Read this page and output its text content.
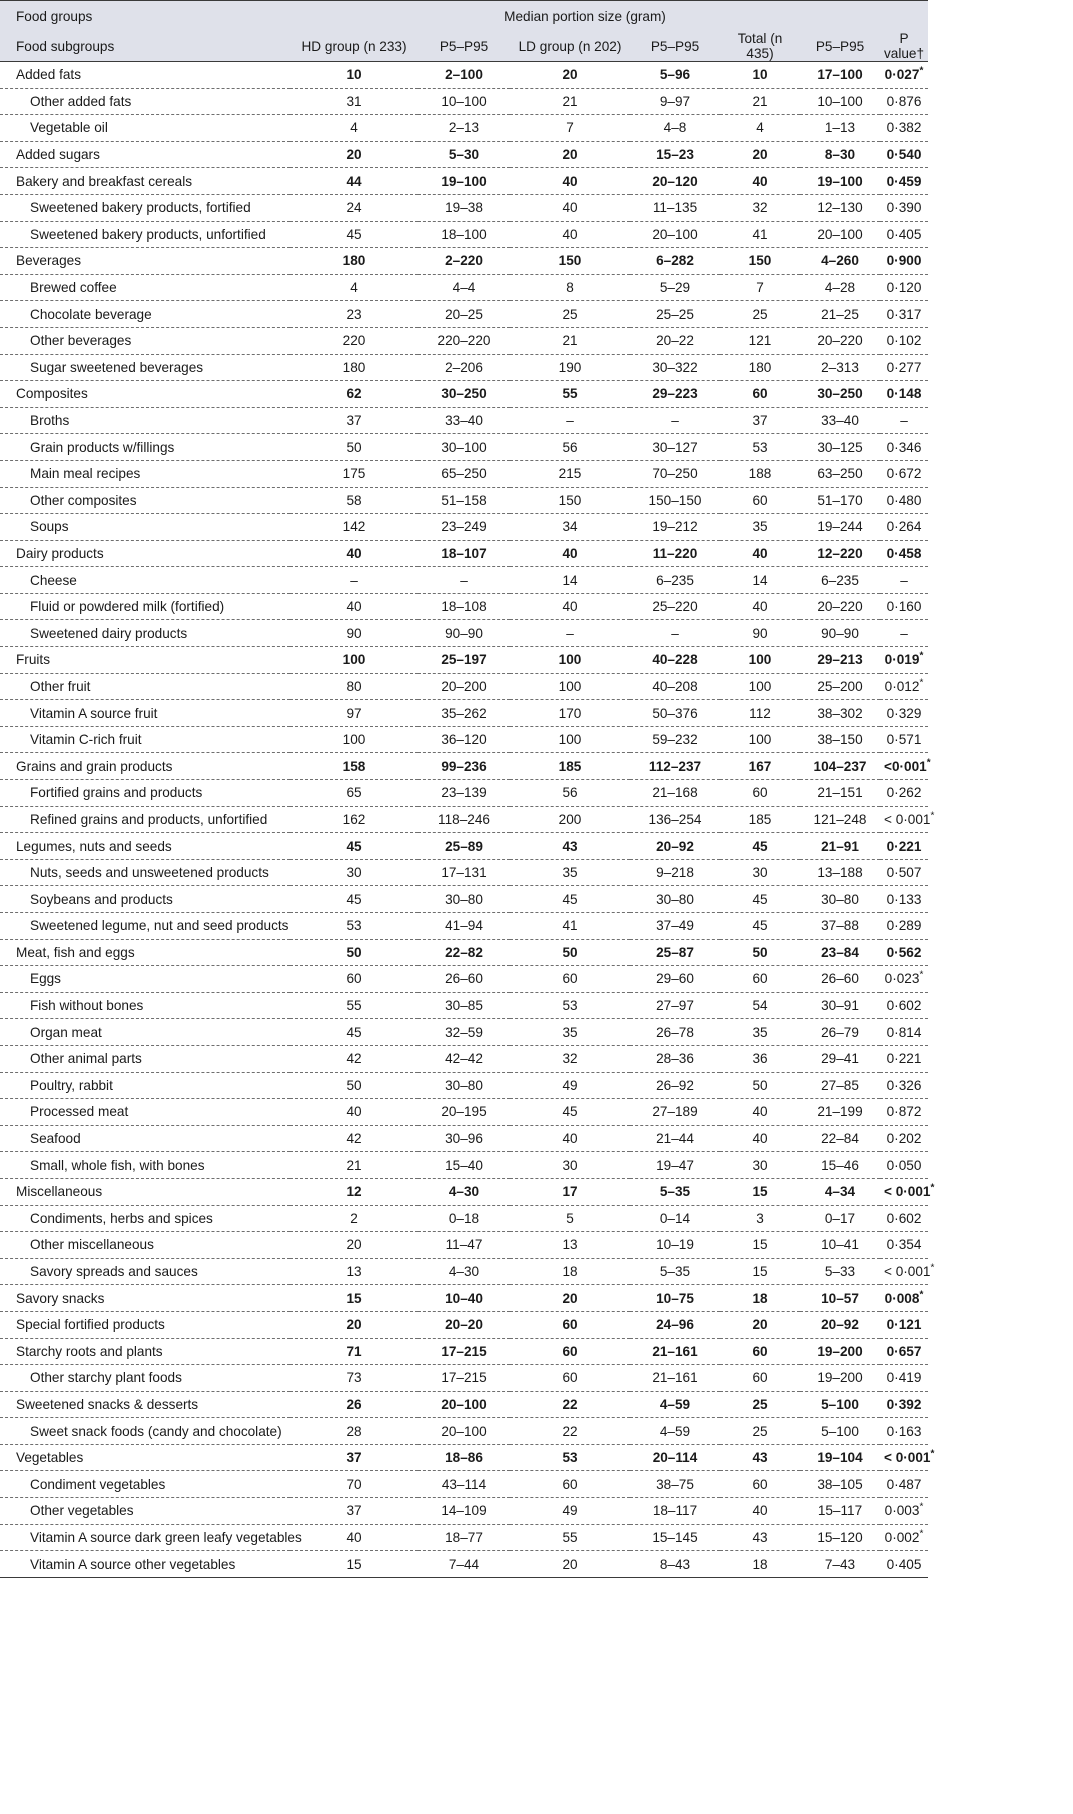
Food groups	Median portion size (gram)						
Food subgroups	HD group (n 233)	P5–P95	LD group (n 202)	P5–P95	Total (n 435)	P5–P95	P value†
Added fats	10	2–100	20	5–96	10	17–100	0·027*
Other added fats	31	10–100	21	9–97	21	10–100	0·876
Vegetable oil	4	2–13	7	4–8	4	1–13	0·382
Added sugars	20	5–30	20	15–23	20	8–30	0·540
Bakery and breakfast cereals	44	19–100	40	20–120	40	19–100	0·459
Sweetened bakery products, fortified	24	19–38	40	11–135	32	12–130	0·390
Sweetened bakery products, unfortified	45	18–100	40	20–100	41	20–100	0·405
Beverages	180	2–220	150	6–282	150	4–260	0·900
Brewed coffee	4	4–4	8	5–29	7	4–28	0·120
Chocolate beverage	23	20–25	25	25–25	25	21–25	0·317
Other beverages	220	220–220	21	20–22	121	20–220	0·102
Sugar sweetened beverages	180	2–206	190	30–322	180	2–313	0·277
Composites	62	30–250	55	29–223	60	30–250	0·148
Broths	37	33–40	–	–	37	33–40	–
Grain products w/fillings	50	30–100	56	30–127	53	30–125	0·346
Main meal recipes	175	65–250	215	70–250	188	63–250	0·672
Other composites	58	51–158	150	150–150	60	51–170	0·480
Soups	142	23–249	34	19–212	35	19–244	0·264
Dairy products	40	18–107	40	11–220	40	12–220	0·458
Cheese	–	–	14	6–235	14	6–235	–
Fluid or powdered milk (fortified)	40	18–108	40	25–220	40	20–220	0·160
Sweetened dairy products	90	90–90	–	–	90	90–90	–
Fruits	100	25–197	100	40–228	100	29–213	0·019*
Other fruit	80	20–200	100	40–208	100	25–200	0·012*
Vitamin A source fruit	97	35–262	170	50–376	112	38–302	0·329
Vitamin C-rich fruit	100	36–120	100	59–232	100	38–150	0·571
Grains and grain products	158	99–236	185	112–237	167	104–237	<0·001*
Fortified grains and products	65	23–139	56	21–168	60	21–151	0·262
Refined grains and products, unfortified	162	118–246	200	136–254	185	121–248	< 0·001*
Legumes, nuts and seeds	45	25–89	43	20–92	45	21–91	0·221
Nuts, seeds and unsweetened products	30	17–131	35	9–218	30	13–188	0·507
Soybeans and products	45	30–80	45	30–80	45	30–80	0·133
Sweetened legume, nut and seed products	53	41–94	41	37–49	45	37–88	0·289
Meat, fish and eggs	50	22–82	50	25–87	50	23–84	0·562
Eggs	60	26–60	60	29–60	60	26–60	0·023*
Fish without bones	55	30–85	53	27–97	54	30–91	0·602
Organ meat	45	32–59	35	26–78	35	26–79	0·814
Other animal parts	42	42–42	32	28–36	36	29–41	0·221
Poultry, rabbit	50	30–80	49	26–92	50	27–85	0·326
Processed meat	40	20–195	45	27–189	40	21–199	0·872
Seafood	42	30–96	40	21–44	40	22–84	0·202
Small, whole fish, with bones	21	15–40	30	19–47	30	15–46	0·050
Miscellaneous	12	4–30	17	5–35	15	4–34	< 0·001*
Condiments, herbs and spices	2	0–18	5	0–14	3	0–17	0·602
Other miscellaneous	20	11–47	13	10–19	15	10–41	0·354
Savory spreads and sauces	13	4–30	18	5–35	15	5–33	< 0·001*
Savory snacks	15	10–40	20	10–75	18	10–57	0·008*
Special fortified products	20	20–20	60	24–96	20	20–92	0·121
Starchy roots and plants	71	17–215	60	21–161	60	19–200	0·657
Other starchy plant foods	73	17–215	60	21–161	60	19–200	0·419
Sweetened snacks & desserts	26	20–100	22	4–59	25	5–100	0·392
Sweet snack foods (candy and chocolate)	28	20–100	22	4–59	25	5–100	0·163
Vegetables	37	18–86	53	20–114	43	19–104	< 0·001*
Condiment vegetables	70	43–114	60	38–75	60	38–105	0·487
Other vegetables	37	14–109	49	18–117	40	15–117	0·003*
Vitamin A source dark green leafy vegetables	40	18–77	55	15–145	43	15–120	0·002*
Vitamin A source other vegetables	15	7–44	20	8–43	18	7–43	0·405
